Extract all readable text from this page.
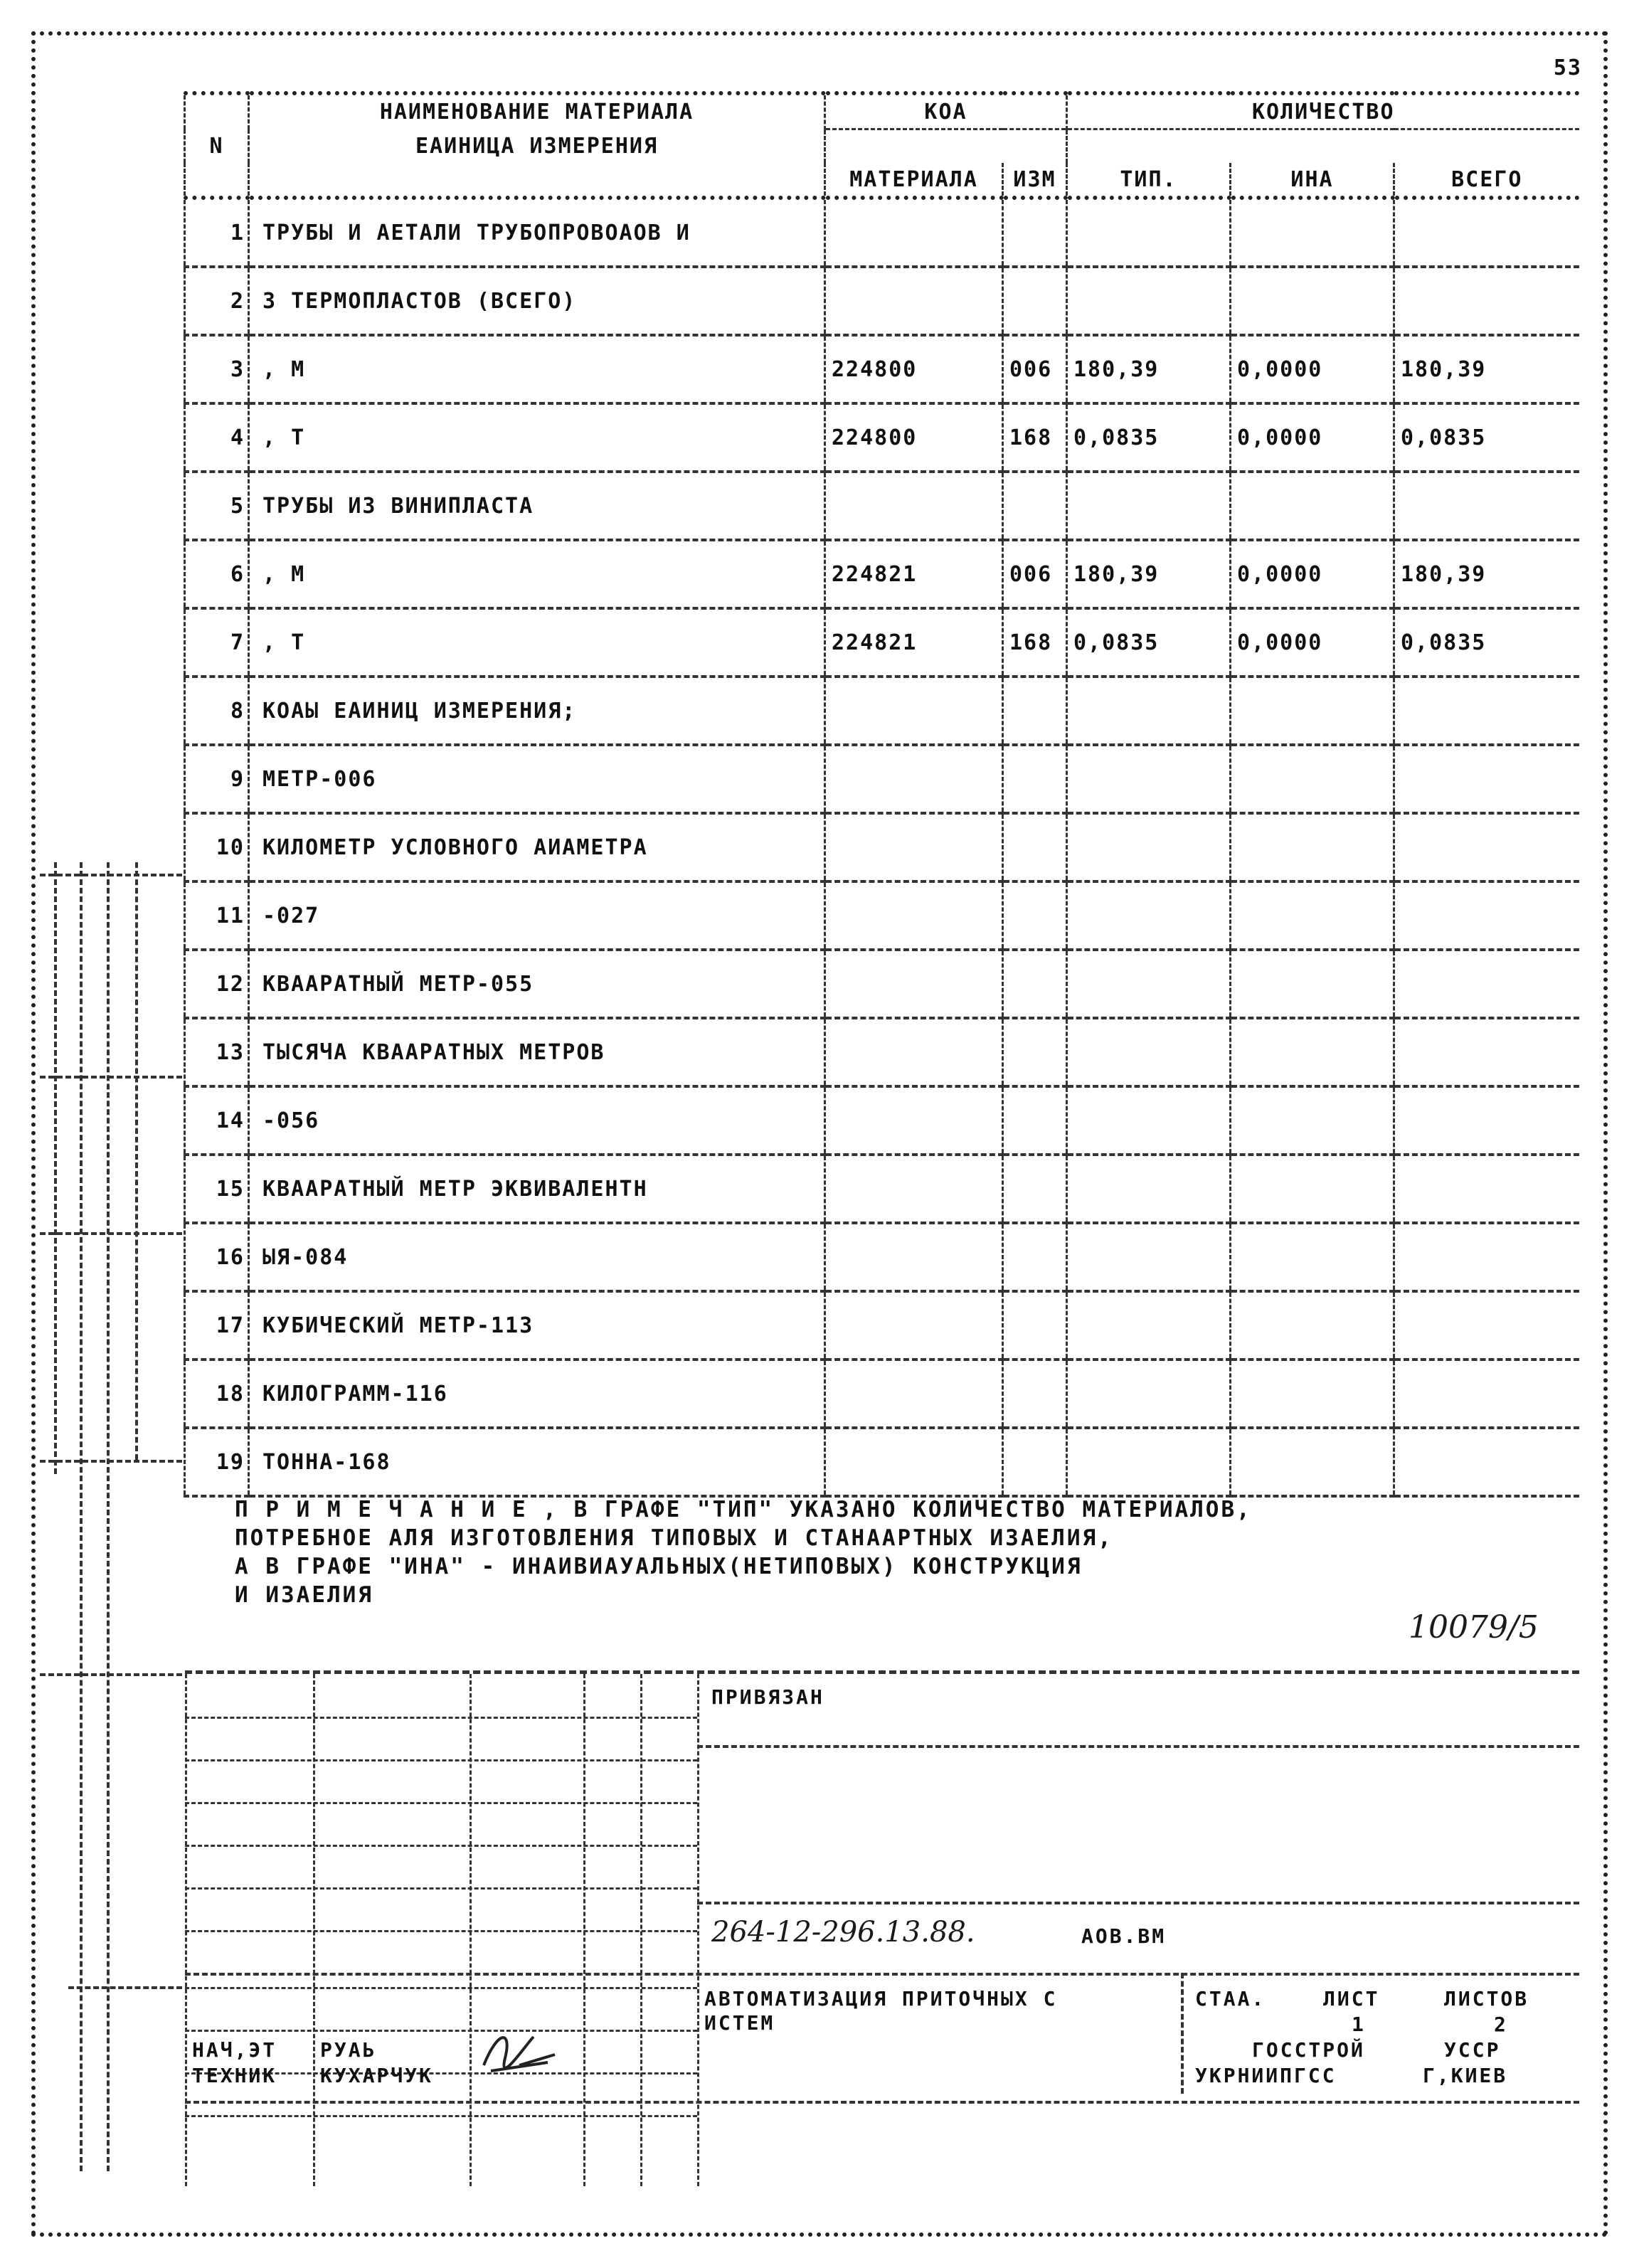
53
	НАИМЕНОВАНИЕ МАТЕРИАЛА	КОА		КОЛИЧЕСТВО		
N	ЕАИНИЦА ИЗМЕРЕНИЯ					
		МАТЕРИАЛА	ИЗМ	ТИП.	ИНА	ВСЕГО
1	ТРУБЫ И АЕТАЛИ ТРУБОПРОВОАОВ И					
2	З ТЕРМОПЛАСТОВ (ВСЕГО)					
3	, М	224800	006	180,39	0,0000	180,39
4	, Т	224800	168	0,0835	0,0000	0,0835
5	ТРУБЫ ИЗ ВИНИПЛАСТА					
6	, М	224821	006	180,39	0,0000	180,39
7	, Т	224821	168	0,0835	0,0000	0,0835
8	КОАЫ ЕАИНИЦ ИЗМЕРЕНИЯ;					
9	МЕТР-006					
10	КИЛОМЕТР УСЛОВНОГО АИАМЕТРА					
11	-027					
12	КВААРАТНЫЙ МЕТР-055					
13	ТЫСЯЧА КВААРАТНЫХ МЕТРОВ					
14	-056					
15	КВААРАТНЫЙ МЕТР ЭКВИВАЛЕНТН					
16	ЫЯ-084					
17	КУБИЧЕСКИЙ МЕТР-113					
18	КИЛОГРАММ-116					
19	ТОННА-168					
П Р И М Е Ч А Н И Е , В ГРАФЕ "ТИП" УКАЗАНО КОЛИЧЕСТВО МАТЕРИАЛОВ,
ПОТРЕБНОЕ АЛЯ ИЗГОТОВЛЕНИЯ ТИПОВЫХ И СТАНААРТНЫХ ИЗАЕЛИЯ,
А В ГРАФЕ "ИНА" - ИНАИВИАУАЛЬНЫХ(НЕТИПОВЫХ) КОНСТРУКЦИЯ
И ИЗАЕЛИЯ
10079/5
ПРИВЯЗАН
264-12-296.13.88.	АОВ.ВМ
АВТОМАТИЗАЦИЯ ПРИТОЧНЫХ С
ИСТЕМ
СТАА.	ЛИСТ	ЛИСТОВ
1	2
ГОССТРОЙ	УССР
УКРНИИПГСС	Г,КИЕВ
НАЧ,ЭТ РУАЬ
ТЕХНИК КУХАРЧУК
